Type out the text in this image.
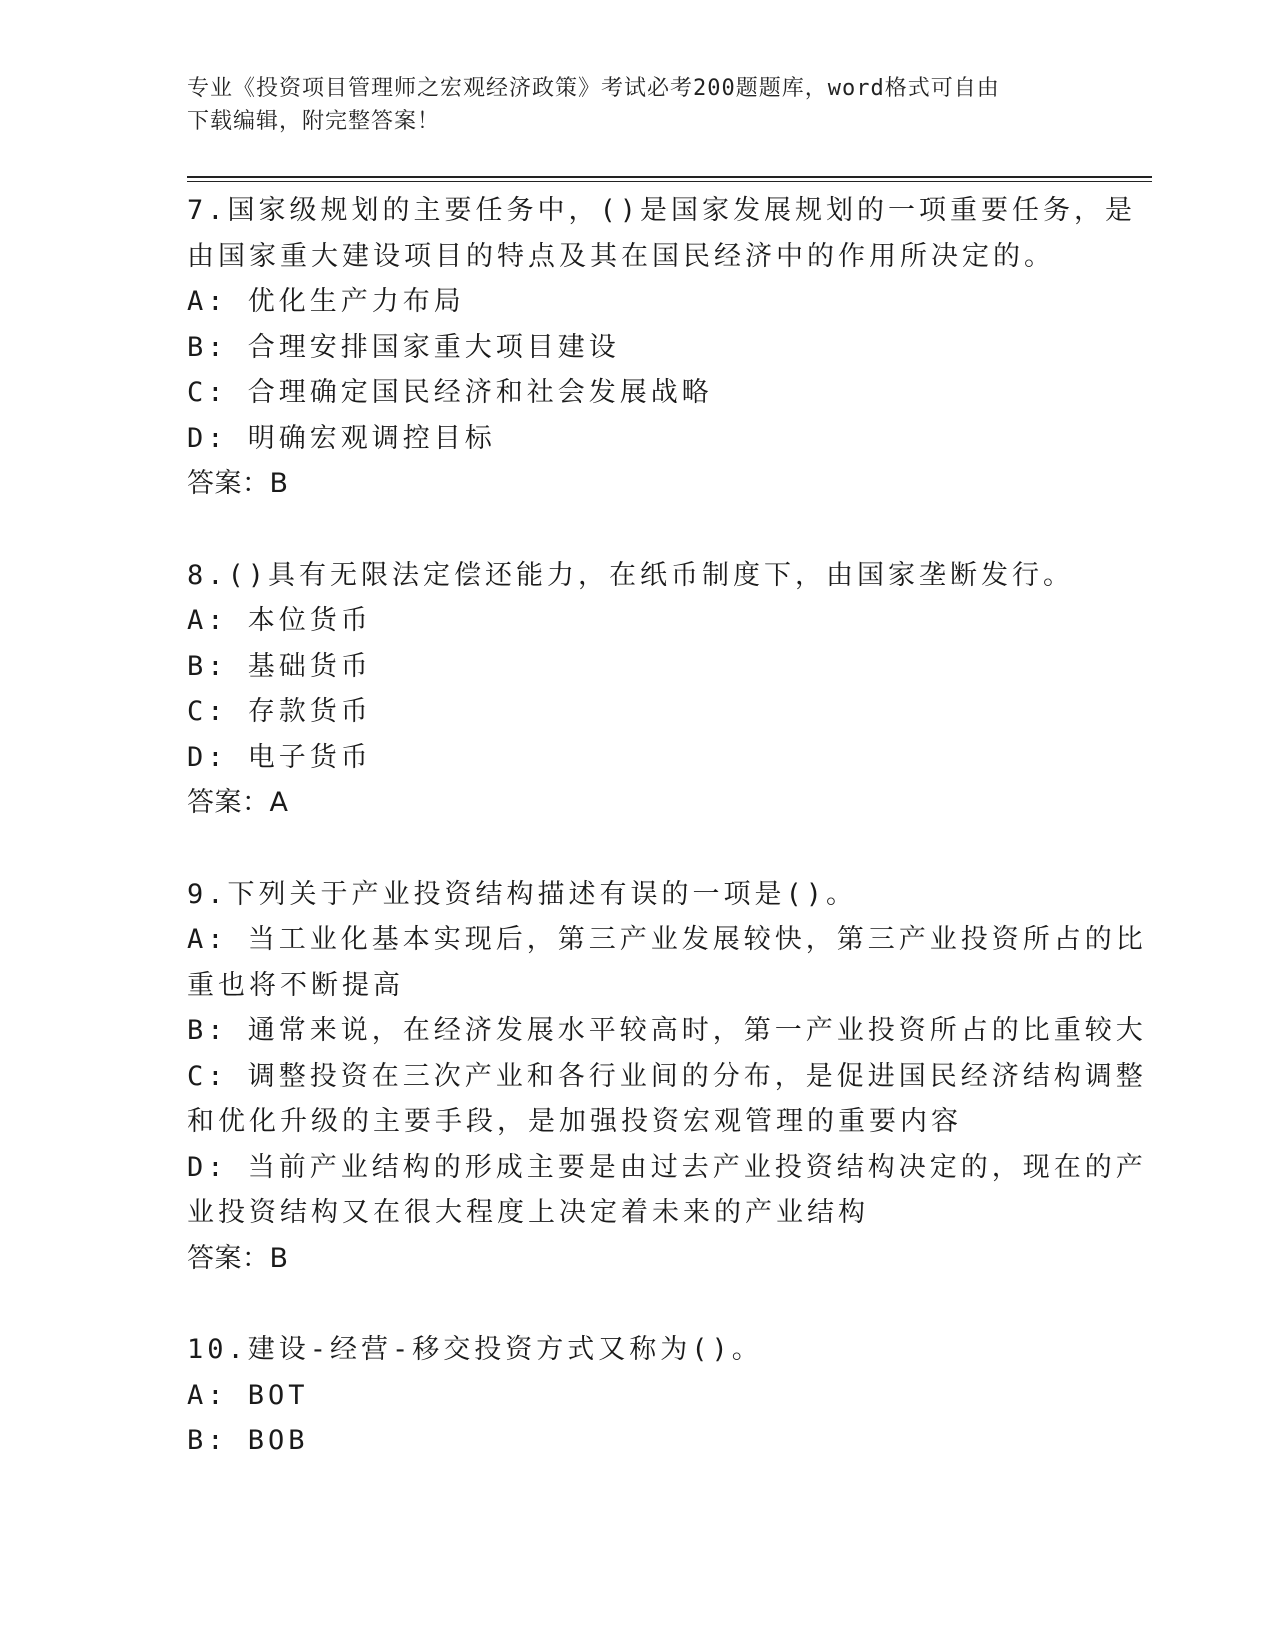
专业《投资项目管理师之宏观经济政策》考试必考200题题库，word格式可自由
下载编辑，附完整答案！
7.国家级规划的主要任务中，()是国家发展规划的一项重要任务，是
由国家重大建设项目的特点及其在国民经济中的作用所决定的。
A: 优化生产力布局
B: 合理安排国家重大项目建设
C: 合理确定国民经济和社会发展战略
D: 明确宏观调控目标
答案：B
8.()具有无限法定偿还能力，在纸币制度下，由国家垄断发行。
A: 本位货币
B: 基础货币
C: 存款货币
D: 电子货币
答案：A
9.下列关于产业投资结构描述有误的一项是()。
A: 当工业化基本实现后，第三产业发展较快，第三产业投资所占的比
重也将不断提高
B: 通常来说，在经济发展水平较高时，第一产业投资所占的比重较大
C: 调整投资在三次产业和各行业间的分布，是促进国民经济结构调整
和优化升级的主要手段，是加强投资宏观管理的重要内容
D: 当前产业结构的形成主要是由过去产业投资结构决定的，现在的产
业投资结构又在很大程度上决定着未来的产业结构
答案：B
10.建设-经营-移交投资方式又称为()。
A: BOT
B: BOB
